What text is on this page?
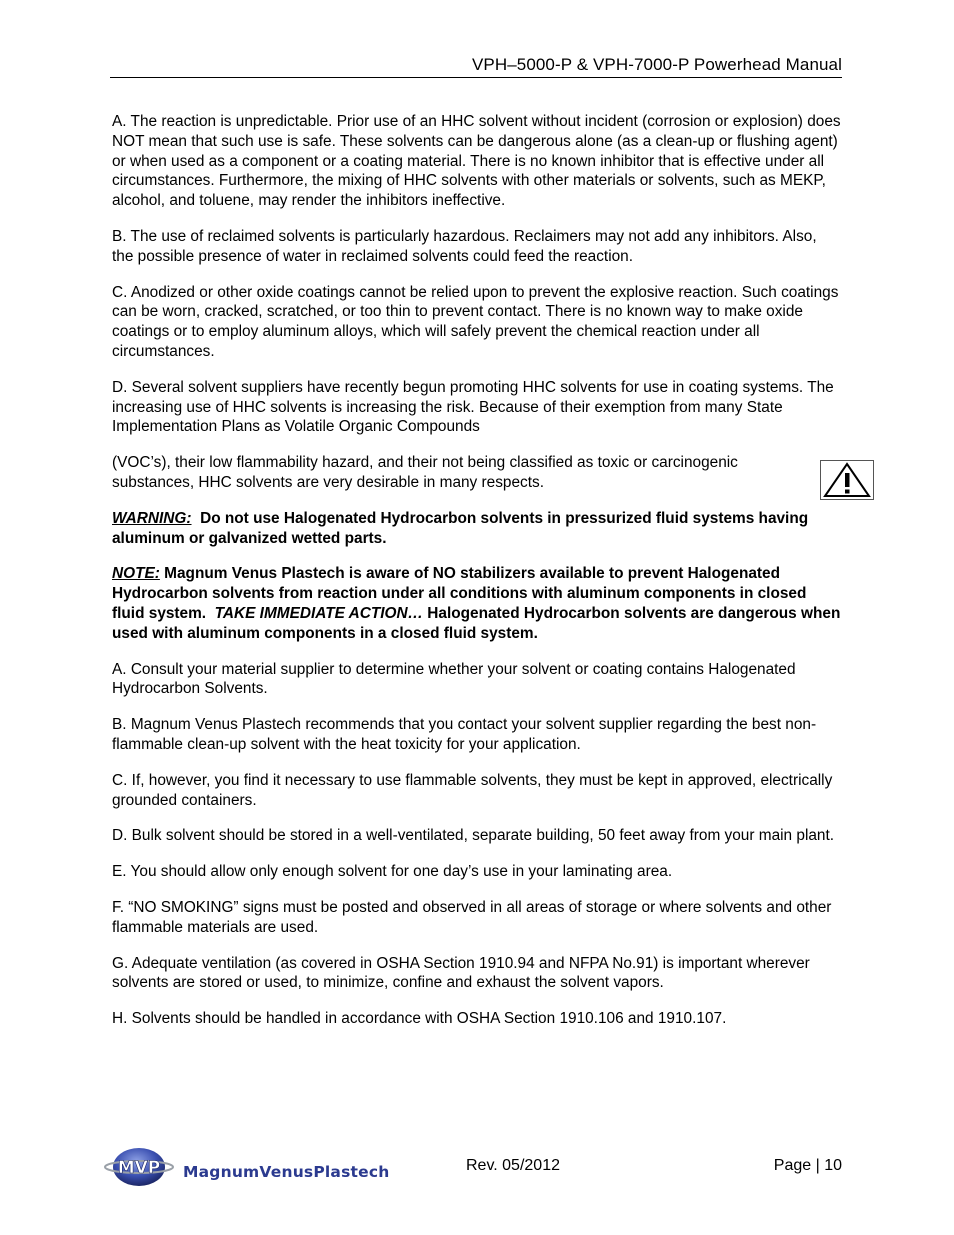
VPH–5000-P & VPH-7000-P Powerhead Manual

A. The reaction is unpredictable. Prior use of an HHC solvent without incident (corrosion or explosion) does NOT mean that such use is safe. These solvents can be dangerous alone (as a clean-up or flushing agent) or when used as a component or a coating material. There is no known inhibitor that is effective under all circumstances. Furthermore, the mixing of HHC solvents with other materials or solvents, such as MEKP, alcohol, and toluene, may render the inhibitors ineffective.

B. The use of reclaimed solvents is particularly hazardous. Reclaimers may not add any inhibitors. Also, the possible presence of water in reclaimed solvents could feed the reaction.

C. Anodized or other oxide coatings cannot be relied upon to prevent the explosive reaction. Such coatings can be worn, cracked, scratched, or too thin to prevent contact. There is no known way to make oxide coatings or to employ aluminum alloys, which will safely prevent the chemical reaction under all circumstances.

D. Several solvent suppliers have recently begun promoting HHC solvents for use in coating systems. The increasing use of HHC solvents is increasing the risk. Because of their exemption from many State Implementation Plans as Volatile Organic Compounds

(VOC’s), their low flammability hazard, and their not being classified as toxic or carcinogenic substances, HHC solvents are very desirable in many respects.

WARNING: Do not use Halogenated Hydrocarbon solvents in pressurized fluid systems having aluminum or galvanized wetted parts.

NOTE: Magnum Venus Plastech is aware of NO stabilizers available to prevent Halogenated Hydrocarbon solvents from reaction under all conditions with aluminum components in closed fluid system. TAKE IMMEDIATE ACTION… Halogenated Hydrocarbon solvents are dangerous when used with aluminum components in a closed fluid system.

A. Consult your material supplier to determine whether your solvent or coating contains Halogenated Hydrocarbon Solvents.

B. Magnum Venus Plastech recommends that you contact your solvent supplier regarding the best non-flammable clean-up solvent with the heat toxicity for your application.

C. If, however, you find it necessary to use flammable solvents, they must be kept in approved, electrically grounded containers.

D. Bulk solvent should be stored in a well-ventilated, separate building, 50 feet away from your main plant.

E. You should allow only enough solvent for one day’s use in your laminating area.

F. “NO SMOKING” signs must be posted and observed in all areas of storage or where solvents and other flammable materials are used.

G. Adequate ventilation (as covered in OSHA Section 1910.94 and NFPA No.91) is important wherever solvents are stored or used, to minimize, confine and exhaust the solvent vapors.

H. Solvents should be handled in accordance with OSHA Section 1910.106 and 1910.107.

MVP MagnumVenusPlastech	Rev. 05/2012	Page | 10
